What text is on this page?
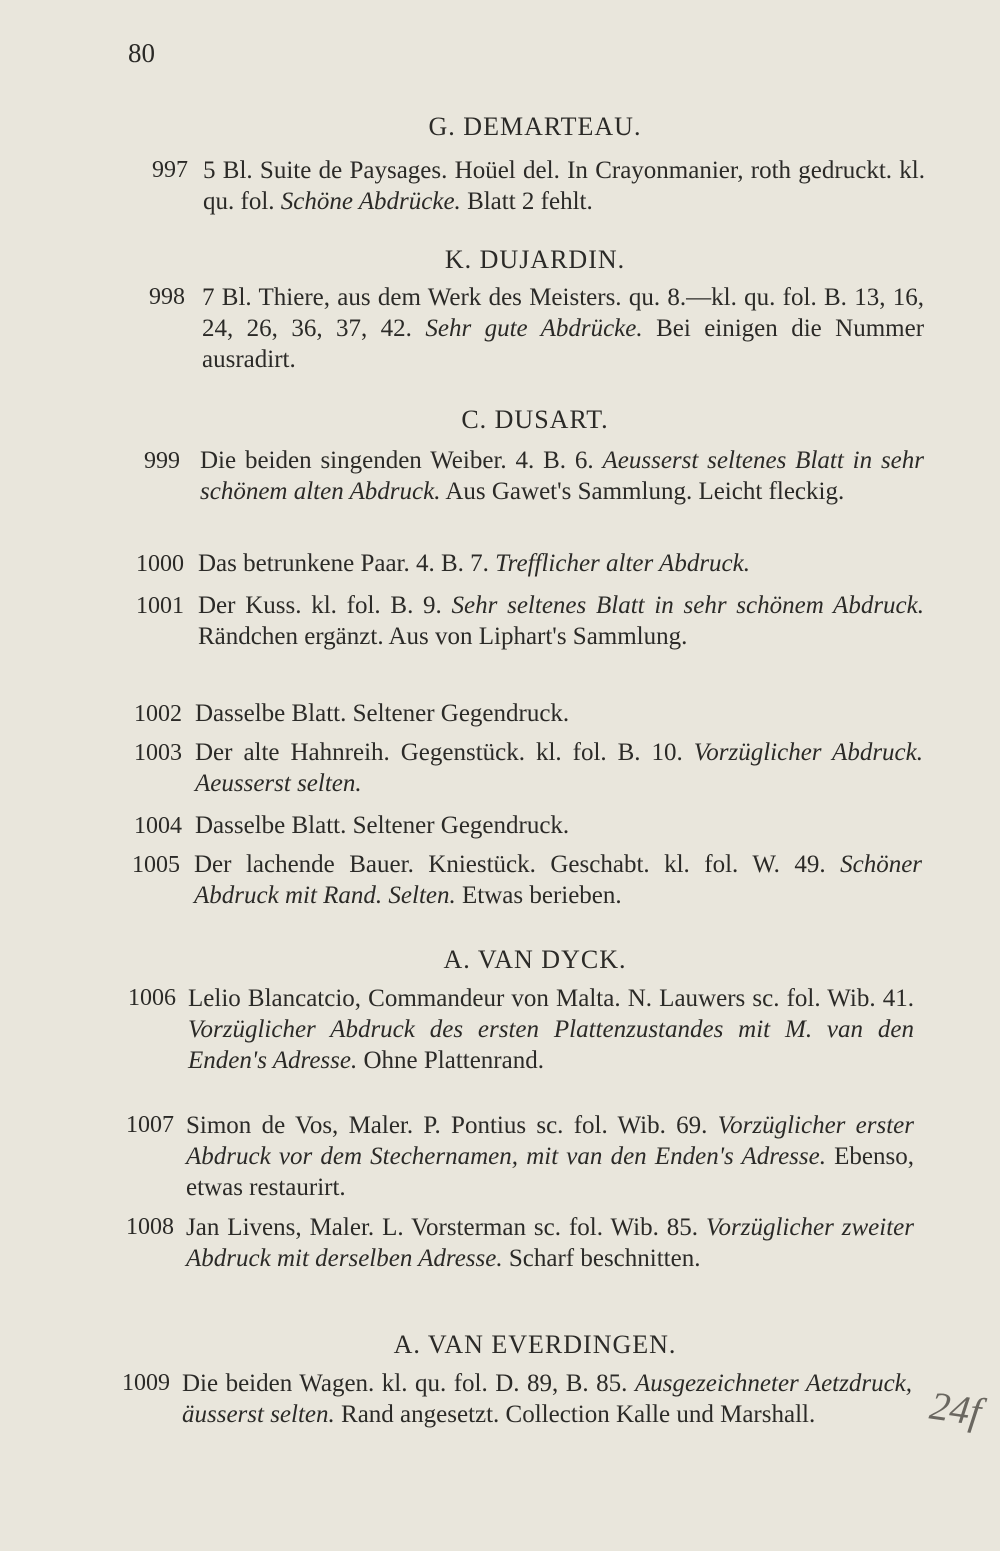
80
G. DEMARTEAU.
997 5 Bl. Suite de Paysages. Hoüel del. In Crayonmanier, roth gedruckt. kl. qu. fol. Schöne Abdrücke. Blatt 2 fehlt.
K. DUJARDIN.
998 7 Bl. Thiere, aus dem Werk des Meisters. qu. 8.—kl. qu. fol. B. 13, 16, 24, 26, 36, 37, 42. Sehr gute Abdrücke. Bei einigen die Nummer ausradirt.
C. DUSART.
999 Die beiden singenden Weiber. 4. B. 6. Aeusserst seltenes Blatt in sehr schönem alten Abdruck. Aus Gawet's Sammlung. Leicht fleckig.
1000 Das betrunkene Paar. 4. B. 7. Trefflicher alter Abdruck.
1001 Der Kuss. kl. fol. B. 9. Sehr seltenes Blatt in sehr schönem Abdruck. Rändchen ergänzt. Aus von Liphart's Sammlung.
1002 Dasselbe Blatt. Seltener Gegendruck.
1003 Der alte Hahnreih. Gegenstück. kl. fol. B. 10. Vorzüglicher Abdruck. Aeusserst selten.
1004 Dasselbe Blatt. Seltener Gegendruck.
1005 Der lachende Bauer. Kniestück. Geschabt. kl. fol. W. 49. Schöner Abdruck mit Rand. Selten. Etwas berieben.
A. VAN DYCK.
1006 Lelio Blancatcio, Commandeur von Malta. N. Lauwers sc. fol. Wib. 41. Vorzüglicher Abdruck des ersten Plattenzustandes mit M. van den Enden's Adresse. Ohne Plattenrand.
1007 Simon de Vos, Maler. P. Pontius sc. fol. Wib. 69. Vorzüglicher erster Abdruck vor dem Stechernamen, mit van den Enden's Adresse. Ebenso, etwas restaurirt.
1008 Jan Livens, Maler. L. Vorsterman sc. fol. Wib. 85. Vorzüglicher zweiter Abdruck mit derselben Adresse. Scharf beschnitten.
A. VAN EVERDINGEN.
1009 Die beiden Wagen. kl. qu. fol. D. 89, B. 85. Ausgezeichneter Aetzdruck, äusserst selten. Rand angesetzt. Collection Kalle und Marshall.	24f
